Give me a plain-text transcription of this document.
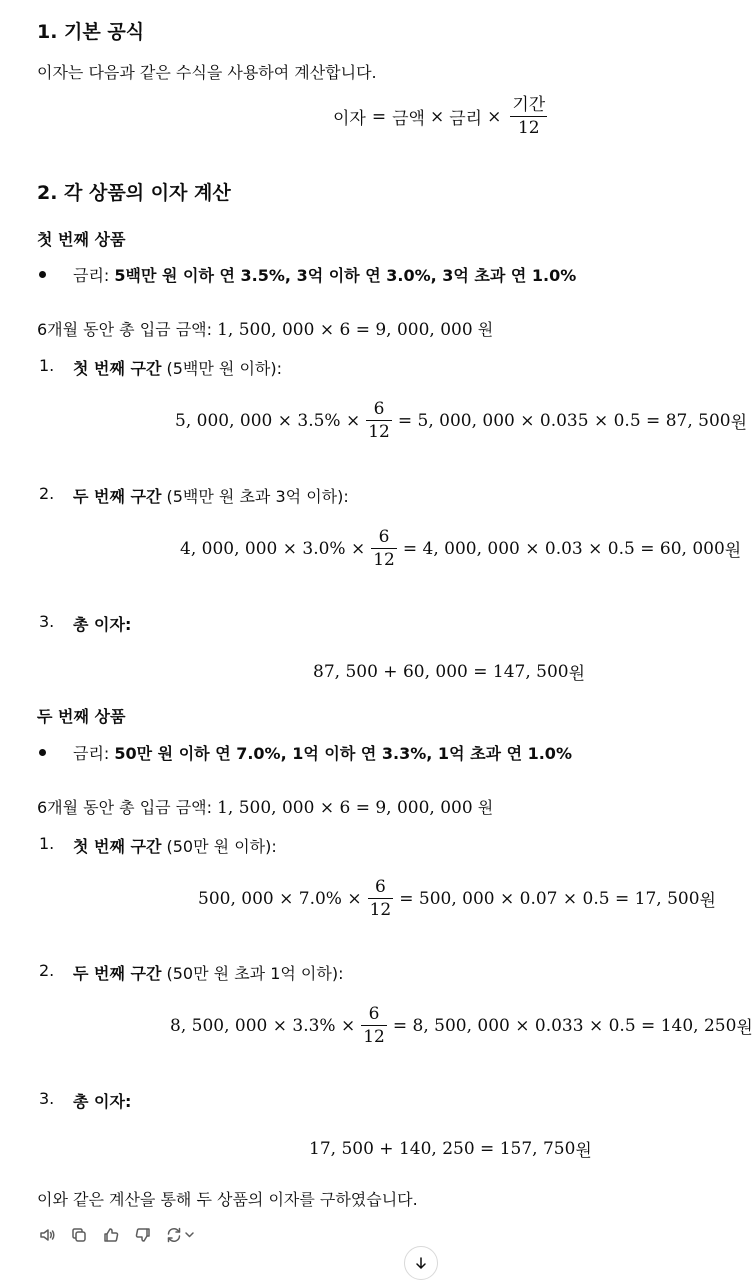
1. 기본 공식
이자는 다음과 같은 수식을 사용하여 계산합니다.
이자 = 금액 × 금리 × $\frac{\text{기간}}{12}$
2. 각 상품의 이자 계산
첫 번째 상품
금리: 5백만 원 이하 연 3.5%, 3억 이하 연 3.0%, 3억 초과 연 1.0%
6개월 동안 총 입금 금액: 1, 500, 000 × 6 = 9, 000, 000 원
1. 첫 번째 구간 (5백만 원 이하):
5, 000, $000 \times 3.5\% \times \frac{6}{12} = 5$, 000, 000 × 0.035 × 0.5 = 87, 500 원
2. 두 번째 구간 (5백만 원 초과 3억 이하):
4, 000, $000 \times 3.0\% \times \frac{6}{12} = 4$, 000, 000 × 0.03 × 0.5 = 60, 000 원
3. 총 이자:
87, 500 + 60, 000 = 147, 500 원
두 번째 상품
금리: 50만 원 이하 연 7.0%, 1억 이하 연 3.3%, 1억 초과 연 1.0%
6개월 동안 총 입금 금액: 1, 500, 000 × 6 = 9, 000, 000 원
1. 첫 번째 구간 (50만 원 이하):
500, $000 \times 7.0\% \times \frac{6}{12} = 500$, 000 × 0.07 × 0.5 = 17, 500 원
2. 두 번째 구간 (50만 원 초과 1억 이하):
8, 500, $000 \times 3.3\% \times \frac{6}{12} = 8$, 500, 000 × 0.033 × 0.5 = 140, 250 원
3. 총 이자:
17, 500 + 140, 250 = 157, 750 원
이와 같은 계산을 통해 두 상품의 이자를 구하였습니다.
